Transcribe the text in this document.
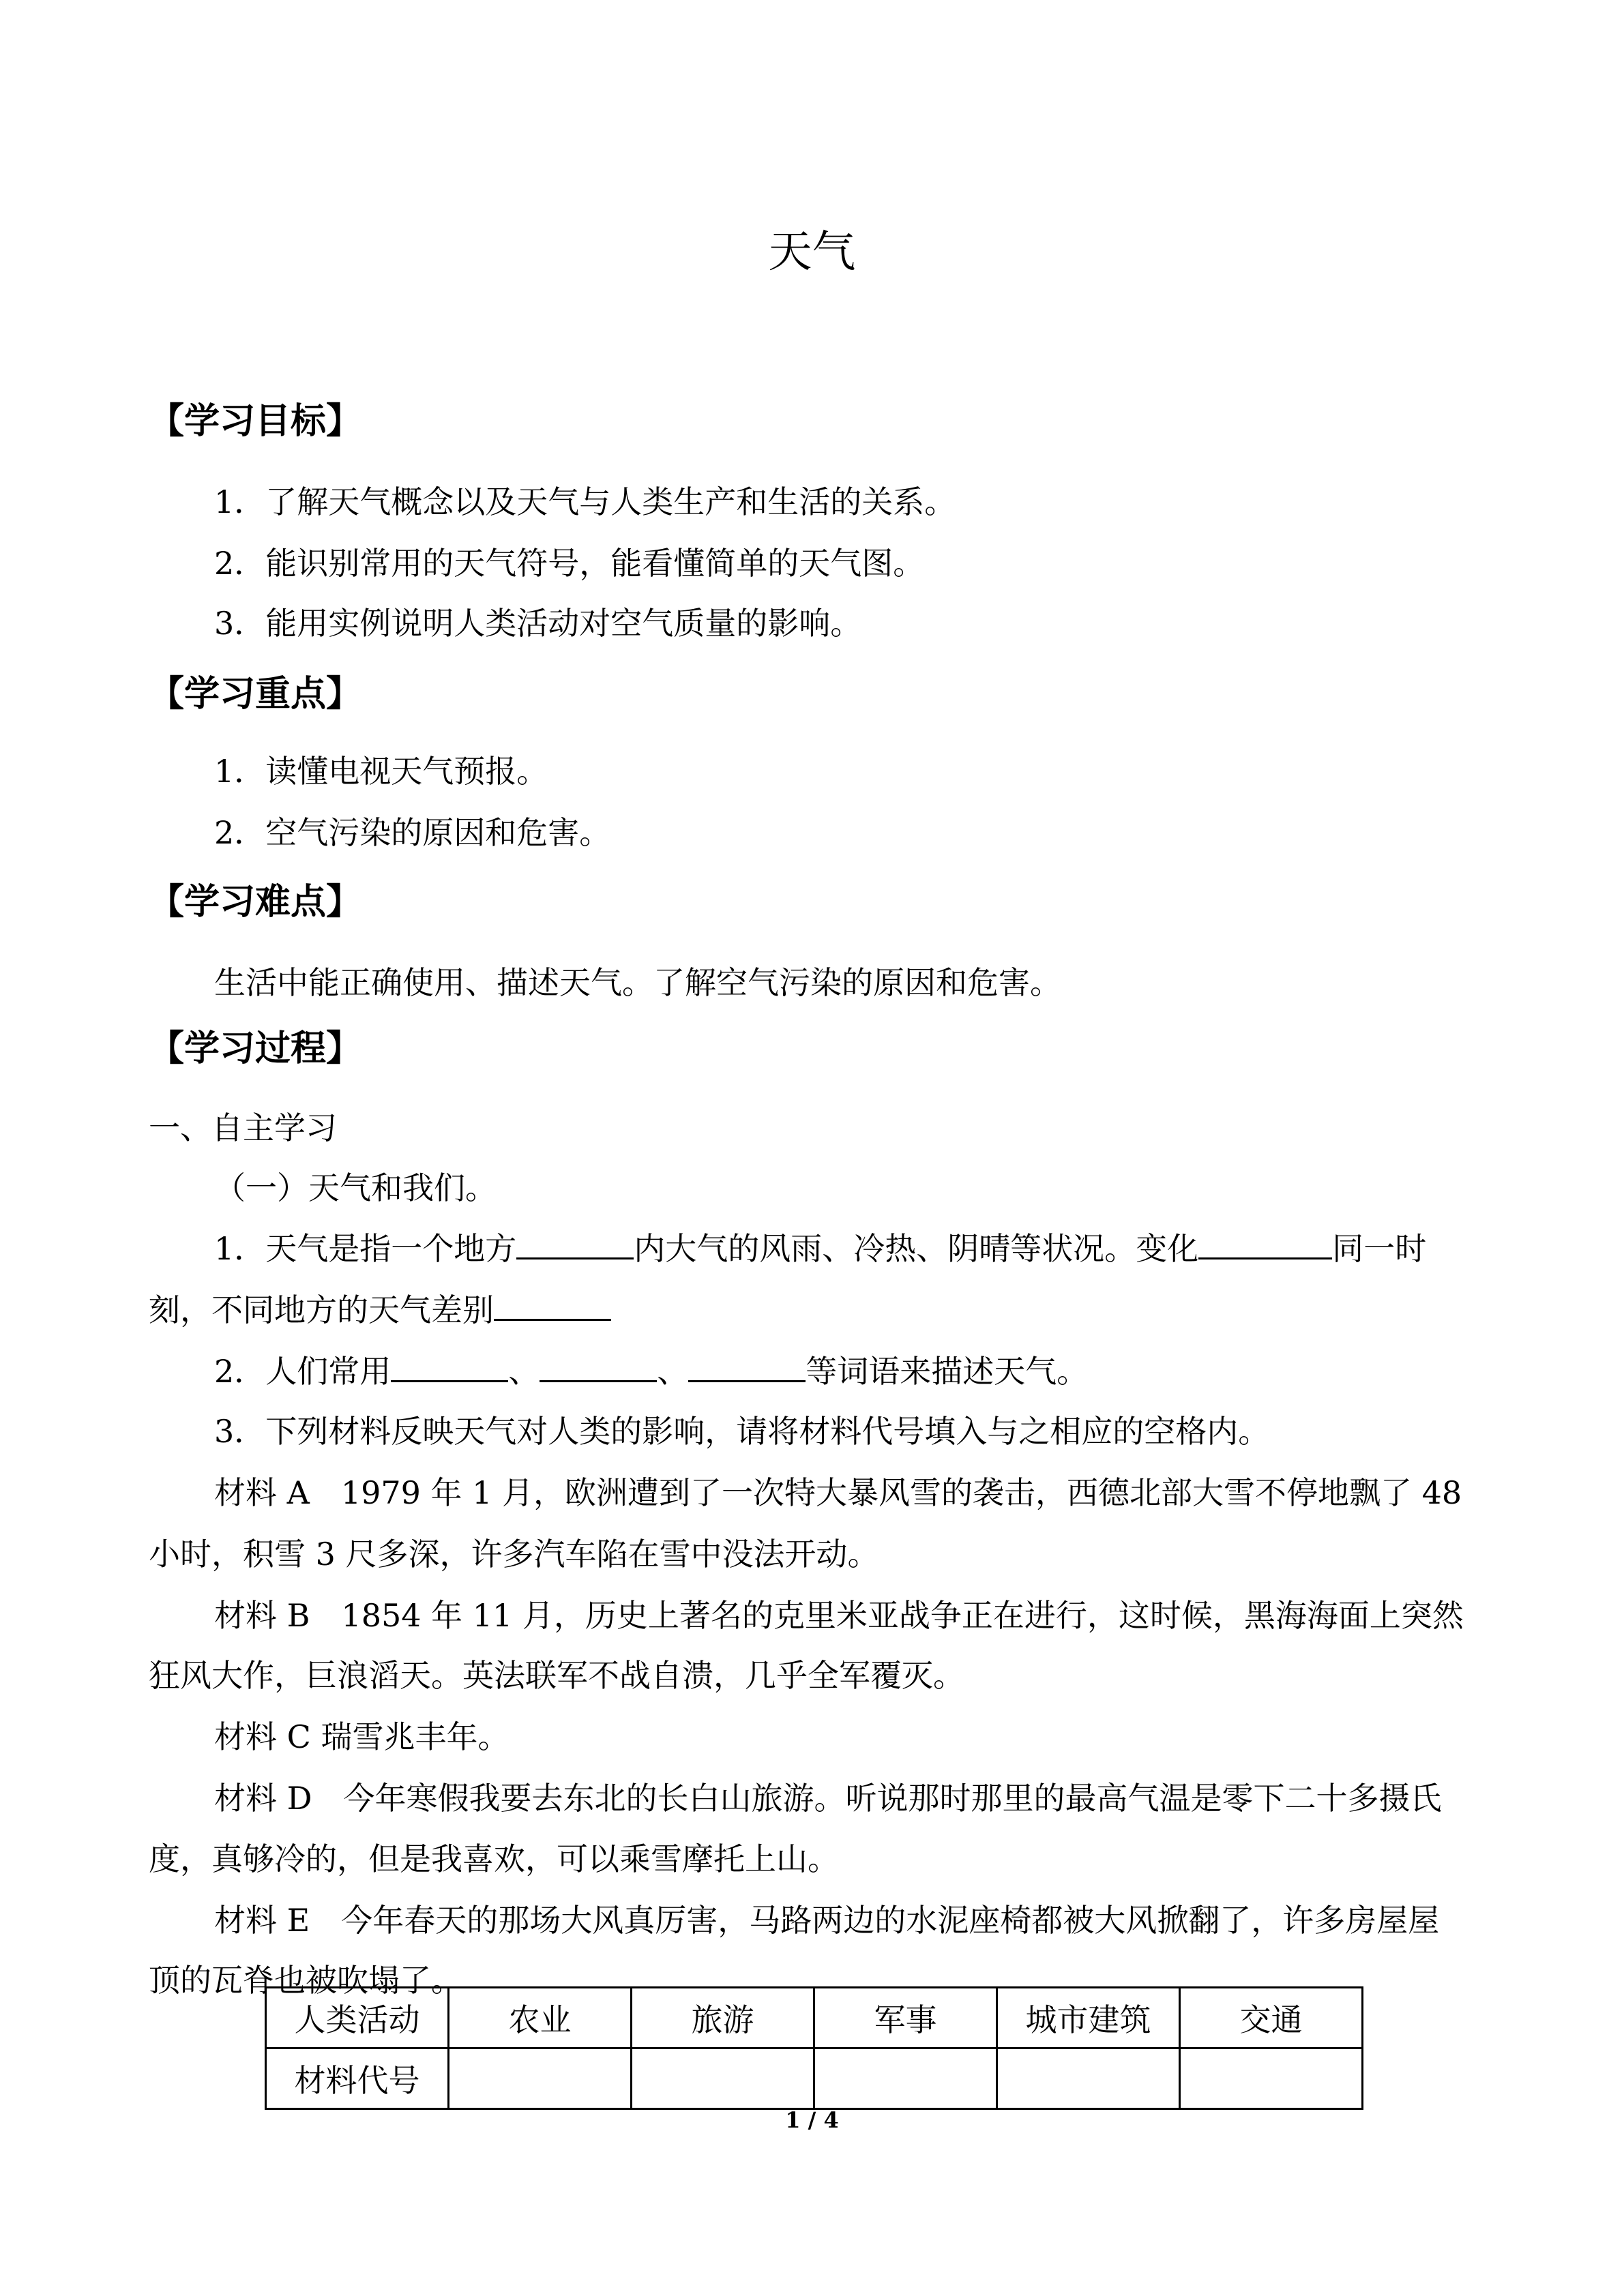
天气
【学习目标】
1．了解天气概念以及天气与人类生产和生活的关系。
2．能识别常用的天气符号，能看懂简单的天气图。
3．能用实例说明人类活动对空气质量的影响。
【学习重点】
1．读懂电视天气预报。
2．空气污染的原因和危害。
【学习难点】
生活中能正确使用、描述天气。了解空气污染的原因和危害。
【学习过程】
一、自主学习
（一）天气和我们。
1．天气是指一个地方	内大气的风雨、冷热、阴晴等状况。变化	同一时
刻，不同地方的天气差别
2．人们常用	、	、	等词语来描述天气。
3．下列材料反映天气对人类的影响，请将材料代号填入与之相应的空格内。
材料 A　1979 年 1 月，欧洲遭到了一次特大暴风雪的袭击，西德北部大雪不停地飘了 48
小时，积雪 3 尺多深，许多汽车陷在雪中没法开动。
材料 B　1854 年 11 月，历史上著名的克里米亚战争正在进行，这时候，黑海海面上突然
狂风大作，巨浪滔天。英法联军不战自溃，几乎全军覆灭。
材料 C 瑞雪兆丰年。
材料 D　今年寒假我要去东北的长白山旅游。听说那时那里的最高气温是零下二十多摄氏
度，真够冷的，但是我喜欢，可以乘雪摩托上山。
材料 E　今年春天的那场大风真厉害，马路两边的水泥座椅都被大风掀翻了，许多房屋屋
顶的瓦脊也被吹塌了。
人类活动	农业	旅游	军事	城市建筑	交通
材料代号					
1 / 4
